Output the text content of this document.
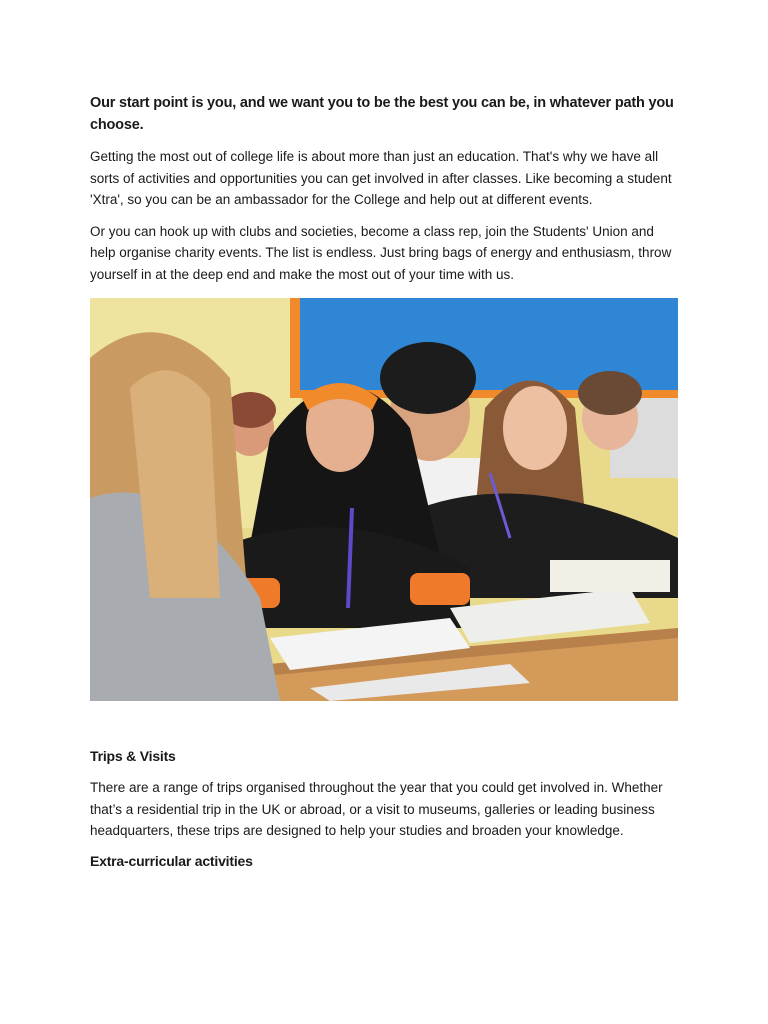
Our start point is you, and we want you to be the best you can be, in whatever path you choose.

Getting the most out of college life is about more than just an education. That's why we have all sorts of activities and opportunities you can get involved in after classes. Like becoming a student 'Xtra', so you can be an ambassador for the College and help out at different events.

Or you can hook up with clubs and societies, become a class rep, join the Students' Union and help organise charity events. The list is endless. Just bring bags of energy and enthusiasm, throw yourself in at the deep end and make the most out of your time with us.

Trips & Visits

There are a range of trips organised throughout the year that you could get involved in. Whether that’s a residential trip in the UK or abroad, or a visit to museums, galleries or leading business headquarters, these trips are designed to help your studies and broaden your knowledge.

Extra-curricular activities
